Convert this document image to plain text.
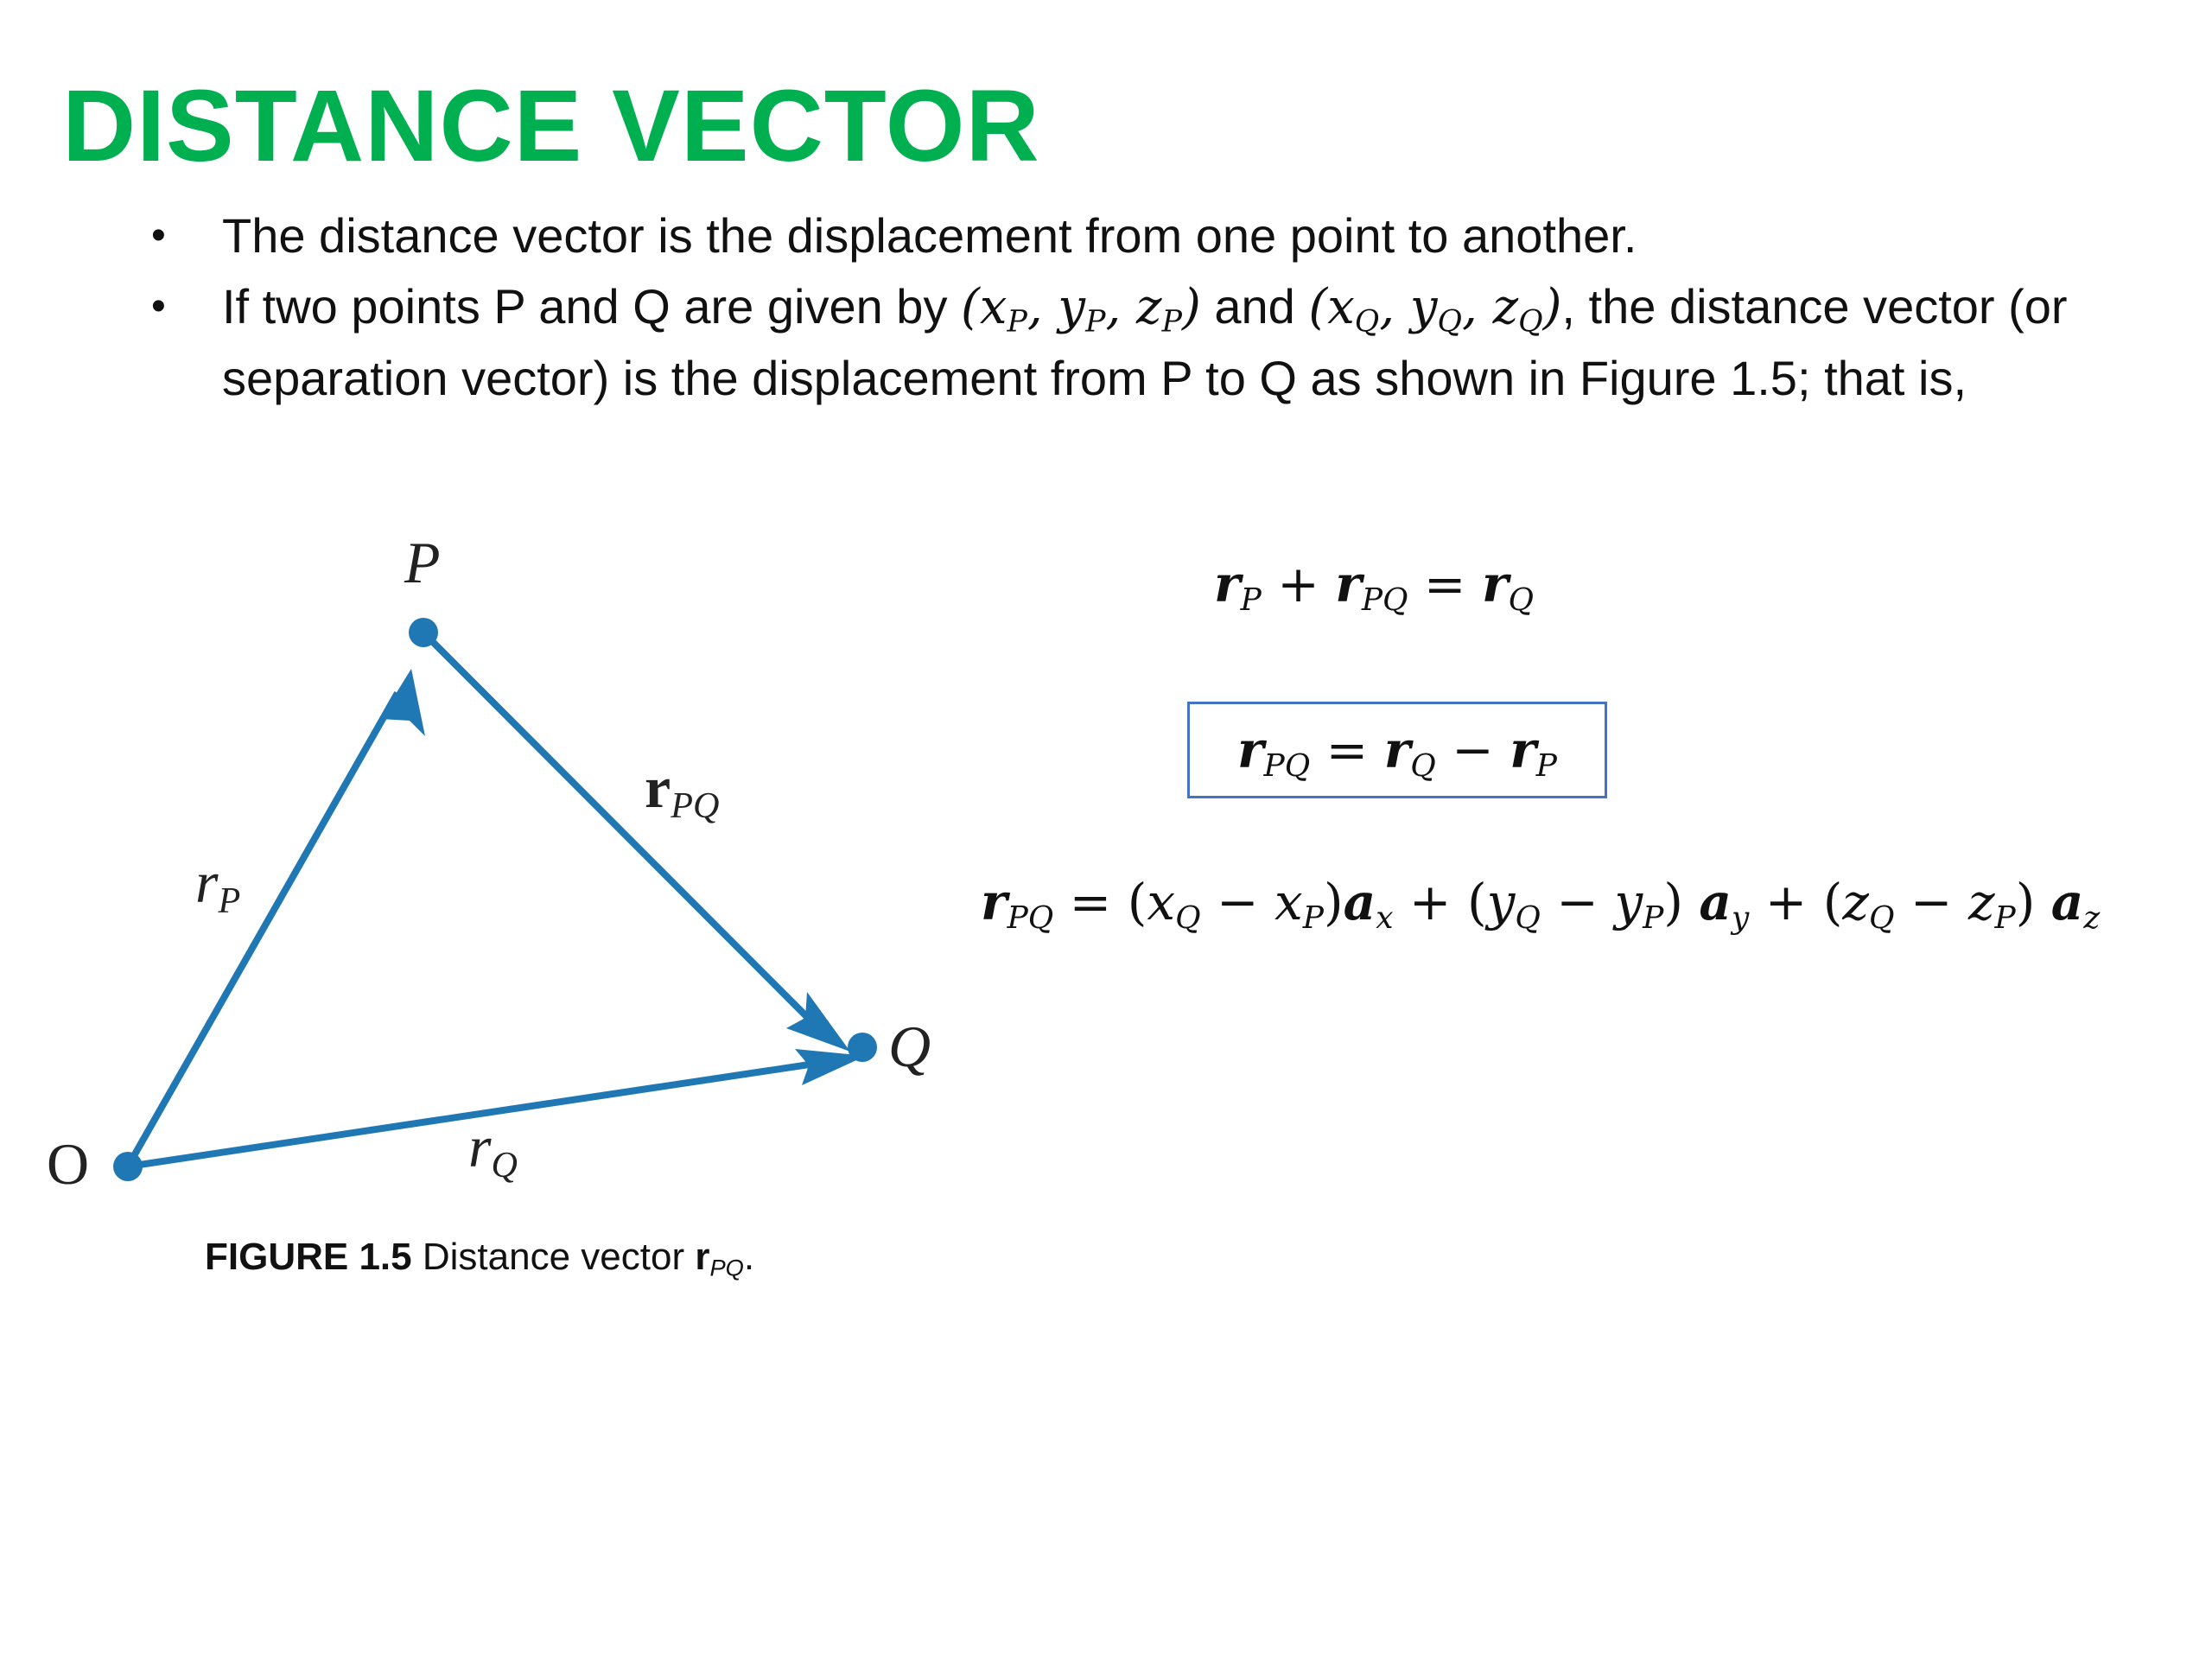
DISTANCE VECTOR
• The distance vector is the displacement from one point to another.
• If two points P and Q are given by ($x_P$, $y_P$, $z_P$) and ($x_Q$, $y_Q$, $z_Q$), the distance vector (or separation vector) is the displacement from P to Q as shown in Figure 1.5; that is,
$r_P + r_{PQ} = r_Q$
$r_{PQ} = r_Q - r_P$
$r_{PQ} = (x_Q - x_P)a_x + (y_Q - y_P) a_y + (z_Q - z_P)$ $a_z$
P
Q
O
$r_{PQ}$
$r_P$
$r_Q$
FIGURE 1.5 Distance vector $r_{PQ}$.
